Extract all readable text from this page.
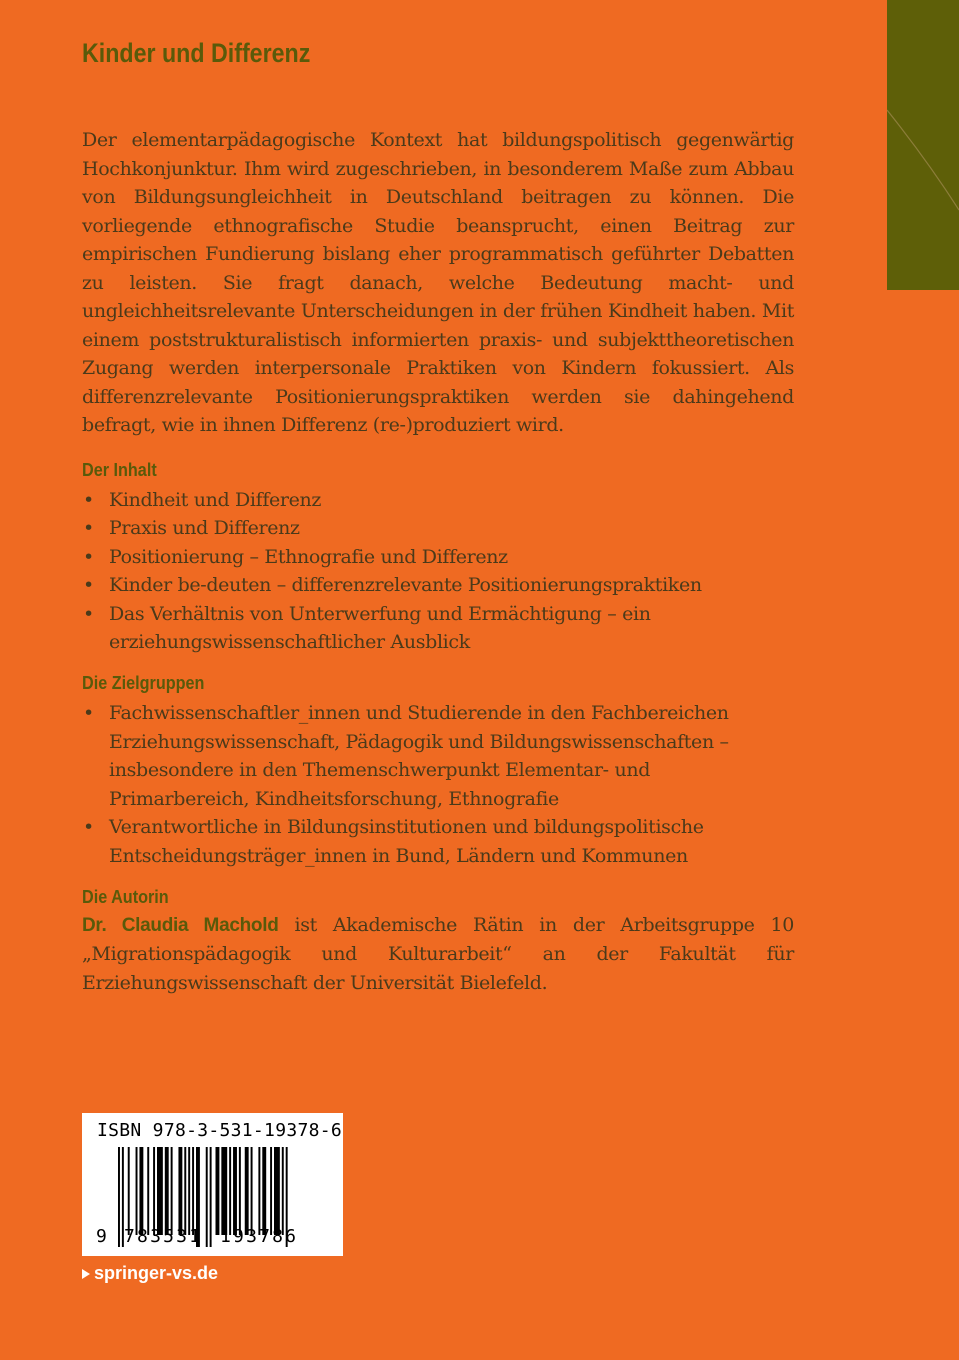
Kinder und Differenz

Der elementarpädagogische Kontext hat bildungspolitisch gegenwärtig Hochkonjunktur. Ihm wird zugeschrieben, in besonderem Maße zum Abbau von Bildungsungleichheit in Deutschland beitragen zu können. Die vorliegende ethnografische Studie beansprucht, einen Beitrag zur empirischen Fundierung bislang eher programmatisch geführter Debatten zu leisten. Sie fragt danach, welche Bedeutung macht- und ungleichheitsrelevante Unterscheidungen in der frühen Kindheit haben. Mit einem poststrukturalistisch informierten praxis- und subjekttheoretischen Zugang werden interpersonale Praktiken von Kindern fokussiert. Als differenzrelevante Positionierungspraktiken werden sie dahingehend befragt, wie in ihnen Differenz (re-)produziert wird.

Der Inhalt
• Kindheit und Differenz
• Praxis und Differenz
• Positionierung – Ethnografie und Differenz
• Kinder be-deuten – differenzrelevante Positionierungspraktiken
• Das Verhältnis von Unterwerfung und Ermächtigung – ein erziehungswissenschaftlicher Ausblick
Die Zielgruppen
• Fachwissenschaftler_innen und Studierende in den Fachbereichen Erziehungswissenschaft, Pädagogik und Bildungswissenschaften – insbesondere in den Themenschwerpunkt Elementar- und Primarbereich, Kindheitsforschung, Ethnografie
• Verantwortliche in Bildungsinstitutionen und bildungspolitische Entscheidungsträger_innen in Bund, Ländern und Kommunen
Die Autorin

Dr. Claudia Machold ist Akademische Rätin in der Arbeitsgruppe 10 „Migrationspädagogik und Kulturarbeit“ an der Fakultät für Erziehungswissenschaft der Universität Bielefeld.

ISBN 978-3-531-19378-6
9 783531 193786
springer-vs.de
